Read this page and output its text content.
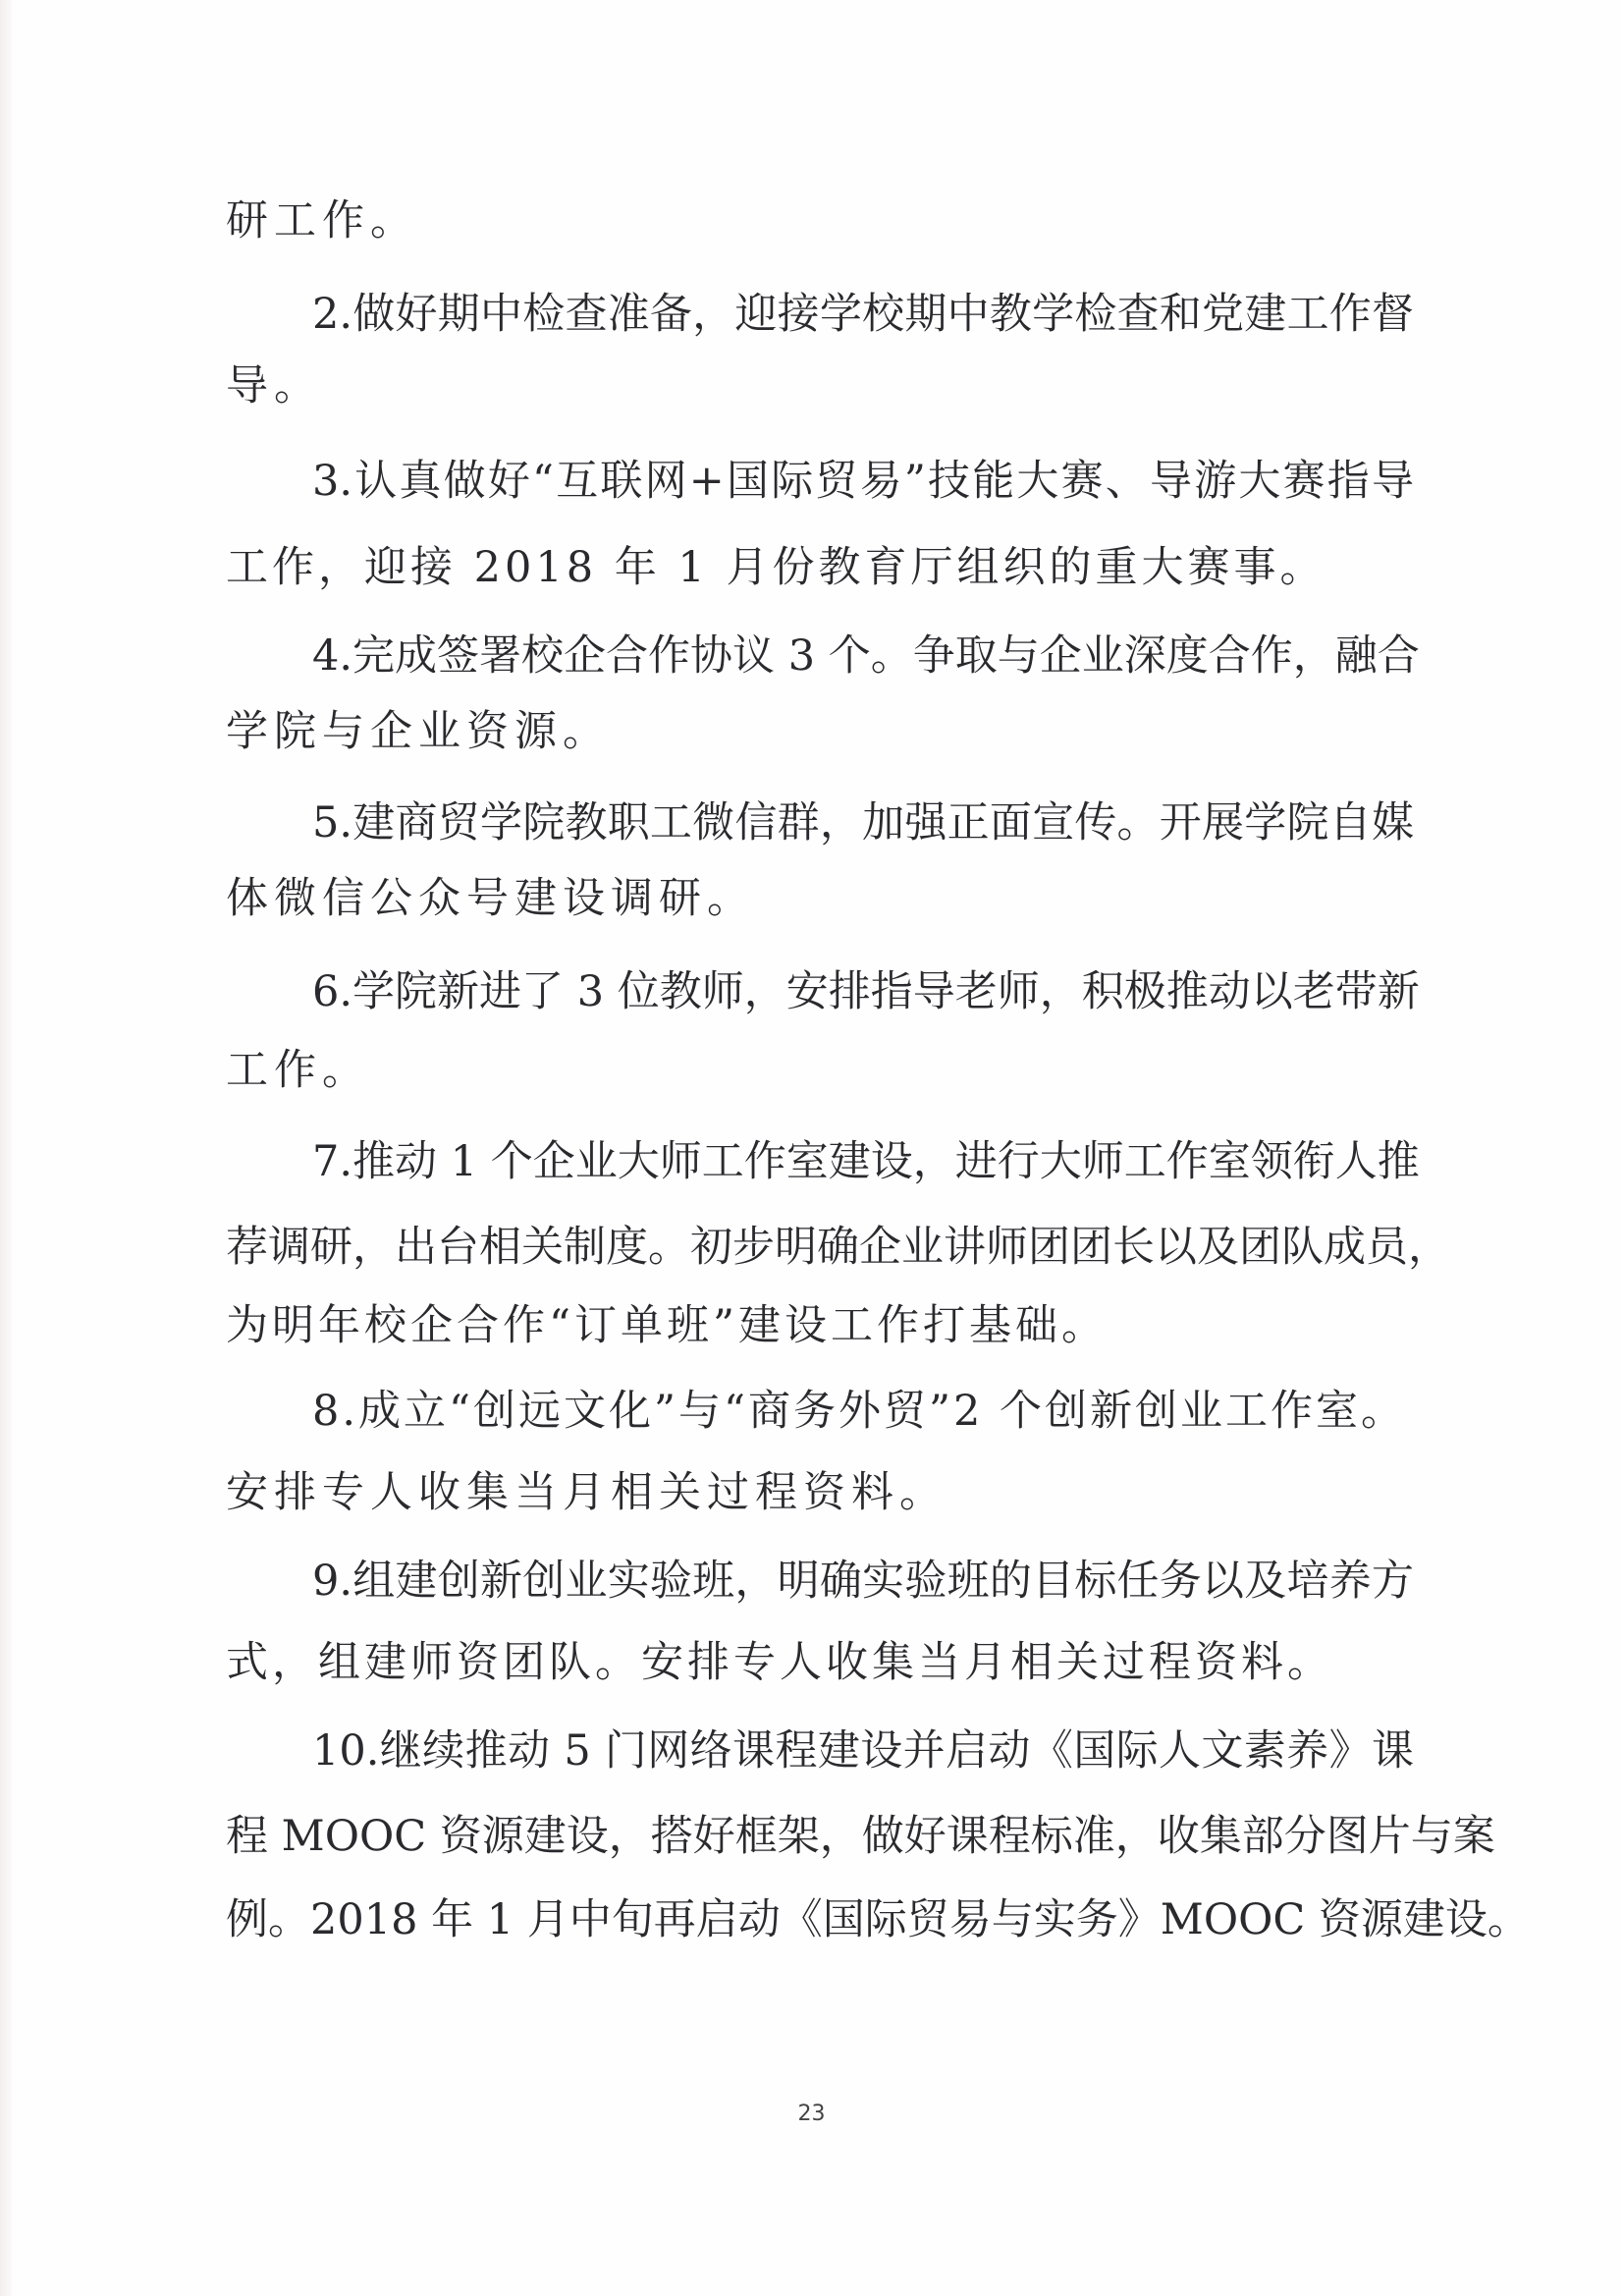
研工作。
2.做好期中检查准备，迎接学校期中教学检查和党建工作督
导。
3.认真做好“互联网+国际贸易”技能大赛、导游大赛指导
工作，迎接 2018 年 1 月份教育厅组织的重大赛事。
4.完成签署校企合作协议 3 个。争取与企业深度合作，融合
学院与企业资源。
5.建商贸学院教职工微信群，加强正面宣传。开展学院自媒
体微信公众号建设调研。
6.学院新进了 3 位教师，安排指导老师，积极推动以老带新
工作。
7.推动 1 个企业大师工作室建设，进行大师工作室领衔人推
荐调研，出台相关制度。初步明确企业讲师团团长以及团队成员，
为明年校企合作“订单班”建设工作打基础。
8.成立“创远文化”与“商务外贸”2 个创新创业工作室。
安排专人收集当月相关过程资料。
9.组建创新创业实验班，明确实验班的目标任务以及培养方
式，组建师资团队。安排专人收集当月相关过程资料。
10.继续推动 5 门网络课程建设并启动《国际人文素养》课
程 MOOC 资源建设，搭好框架，做好课程标准，收集部分图片与案
例。2018 年 1 月中旬再启动《国际贸易与实务》MOOC 资源建设。
23
